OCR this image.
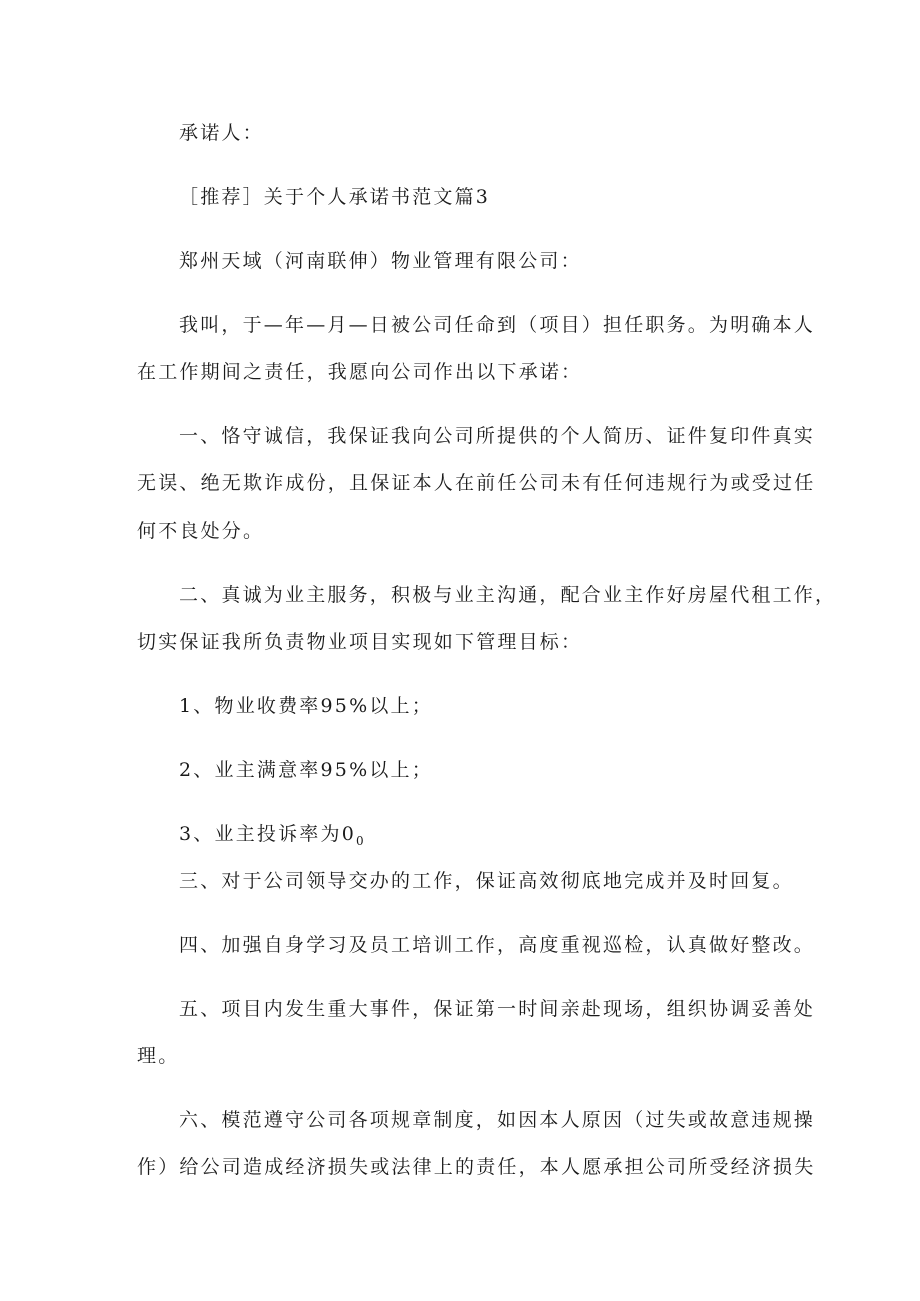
承诺人：
［推荐］关于个人承诺书范文篇3
郑州天域（河南联伸）物业管理有限公司：
我叫，于—年—月—日被公司任命到（项目）担任职务。为明确本人
在工作期间之责任，我愿向公司作出以下承诺：
一、恪守诚信，我保证我向公司所提供的个人简历、证件复印件真实
无误、绝无欺诈成份，且保证本人在前任公司未有任何违规行为或受过任
何不良处分。
二、真诚为业主服务，积极与业主沟通，配合业主作好房屋代租工作，
切实保证我所负责物业项目实现如下管理目标：
1、物业收费率95%以上；
2、业主满意率95%以上；
3、业主投诉率为$0_0$
三、对于公司领导交办的工作，保证高效彻底地完成并及时回复。
四、加强自身学习及员工培训工作，高度重视巡检，认真做好整改。
五、项目内发生重大事件，保证第一时间亲赴现场，组织协调妥善处
理。
六、模范遵守公司各项规章制度，如因本人原因（过失或故意违规操
作）给公司造成经济损失或法律上的责任，本人愿承担公司所受经济损失
